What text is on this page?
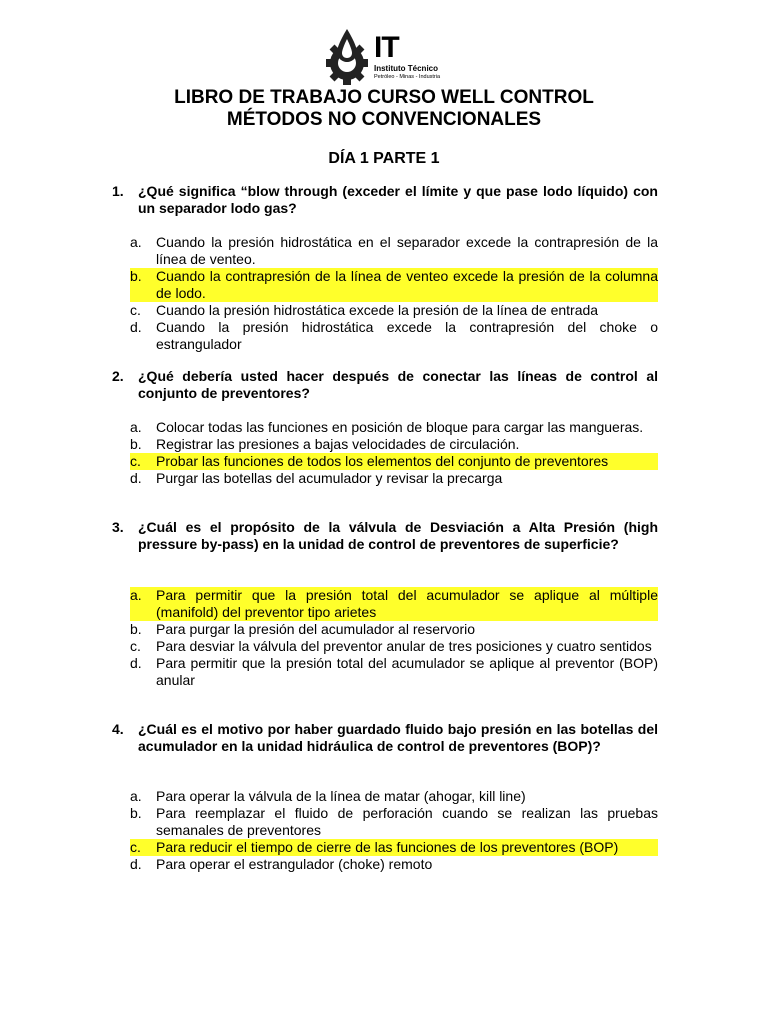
IT
Instituto Técnico
Petróleo - Minas - Industria
LIBRO DE TRABAJO CURSO WELL CONTROL
MÉTODOS NO CONVENCIONALES
DÍA 1 PARTE 1
1. ¿Qué significa “blow through (exceder el límite y que pase lodo líquido) con un separador lodo gas?
a. Cuando la presión hidrostática en el separador excede la contrapresión de la línea de venteo.
b. Cuando la contrapresión de la línea de venteo excede la presión de la columna de lodo.
c. Cuando la presión hidrostática excede la presión de la línea de entrada
d. Cuando la presión hidrostática excede la contrapresión del choke o estrangulador
2. ¿Qué debería usted hacer después de conectar las líneas de control al conjunto de preventores?
a. Colocar todas las funciones en posición de bloque para cargar las mangueras.
b. Registrar las presiones a bajas velocidades de circulación.
c. Probar las funciones de todos los elementos del conjunto de preventores
d. Purgar las botellas del acumulador y revisar la precarga
3. ¿Cuál es el propósito de la válvula de Desviación a Alta Presión (high pressure by-pass) en la unidad de control de preventores de superficie?
a. Para permitir que la presión total del acumulador se aplique al múltiple (manifold) del preventor tipo arietes
b. Para purgar la presión del acumulador al reservorio
c. Para desviar la válvula del preventor anular de tres posiciones y cuatro sentidos
d. Para permitir que la presión total del acumulador se aplique al preventor (BOP) anular
4. ¿Cuál es el motivo por haber guardado fluido bajo presión en las botellas del acumulador en la unidad hidráulica de control de preventores (BOP)?
a. Para operar la válvula de la línea de matar (ahogar, kill line)
b. Para reemplazar el fluido de perforación cuando se realizan las pruebas semanales de preventores
c. Para reducir el tiempo de cierre de las funciones de los preventores (BOP)
d. Para operar el estrangulador (choke) remoto
